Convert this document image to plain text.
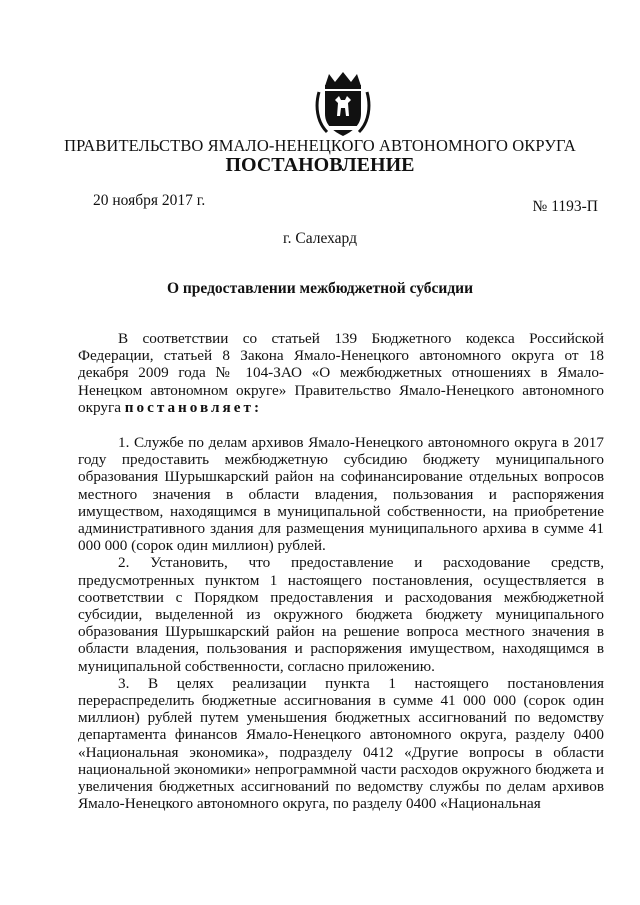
ПРАВИТЕЛЬСТВО ЯМАЛО-НЕНЕЦКОГО АВТОНОМНОГО ОКРУГА
ПОСТАНОВЛЕНИЕ
20 ноября 2017 г.	№ 1193-П
г. Салехард
О предоставлении межбюджетной субсидии

В соответствии со статьей 139 Бюджетного кодекса Российской Федерации, статьей 8 Закона Ямало-Ненецкого автономного округа от 18 декабря 2009 года № 104-ЗАО «О межбюджетных отношениях в Ямало-Ненецком автономном округе» Правительство Ямало-Ненецкого автономного округа постановляет:

1. Службе по делам архивов Ямало-Ненецкого автономного округа в 2017 году предоставить межбюджетную субсидию бюджету муниципального образования Шурышкарский район на софинансирование отдельных вопросов местного значения в области владения, пользования и распоряжения имуществом, находящимся в муниципальной собственности, на приобретение административного здания для размещения муниципального архива в сумме 41 000 000 (сорок один миллион) рублей.

2. Установить, что предоставление и расходование средств, предусмотренных пунктом 1 настоящего постановления, осуществляется в соответствии с Порядком предоставления и расходования межбюджетной субсидии, выделенной из окружного бюджета бюджету муниципального образования Шурышкарский район на решение вопроса местного значения в области владения, пользования и распоряжения имуществом, находящимся в муниципальной собственности, согласно приложению.

3. В целях реализации пункта 1 настоящего постановления перераспределить бюджетные ассигнования в сумме 41 000 000 (сорок один миллион) рублей путем уменьшения бюджетных ассигнований по ведомству департамента финансов Ямало-Ненецкого автономного округа, разделу 0400 «Национальная экономика», подразделу 0412 «Другие вопросы в области национальной экономики» непрограммной части расходов окружного бюджета и увеличения бюджетных ассигнований по ведомству службы по делам архивов Ямало-Ненецкого автономного округа, по разделу 0400 «Национальная
